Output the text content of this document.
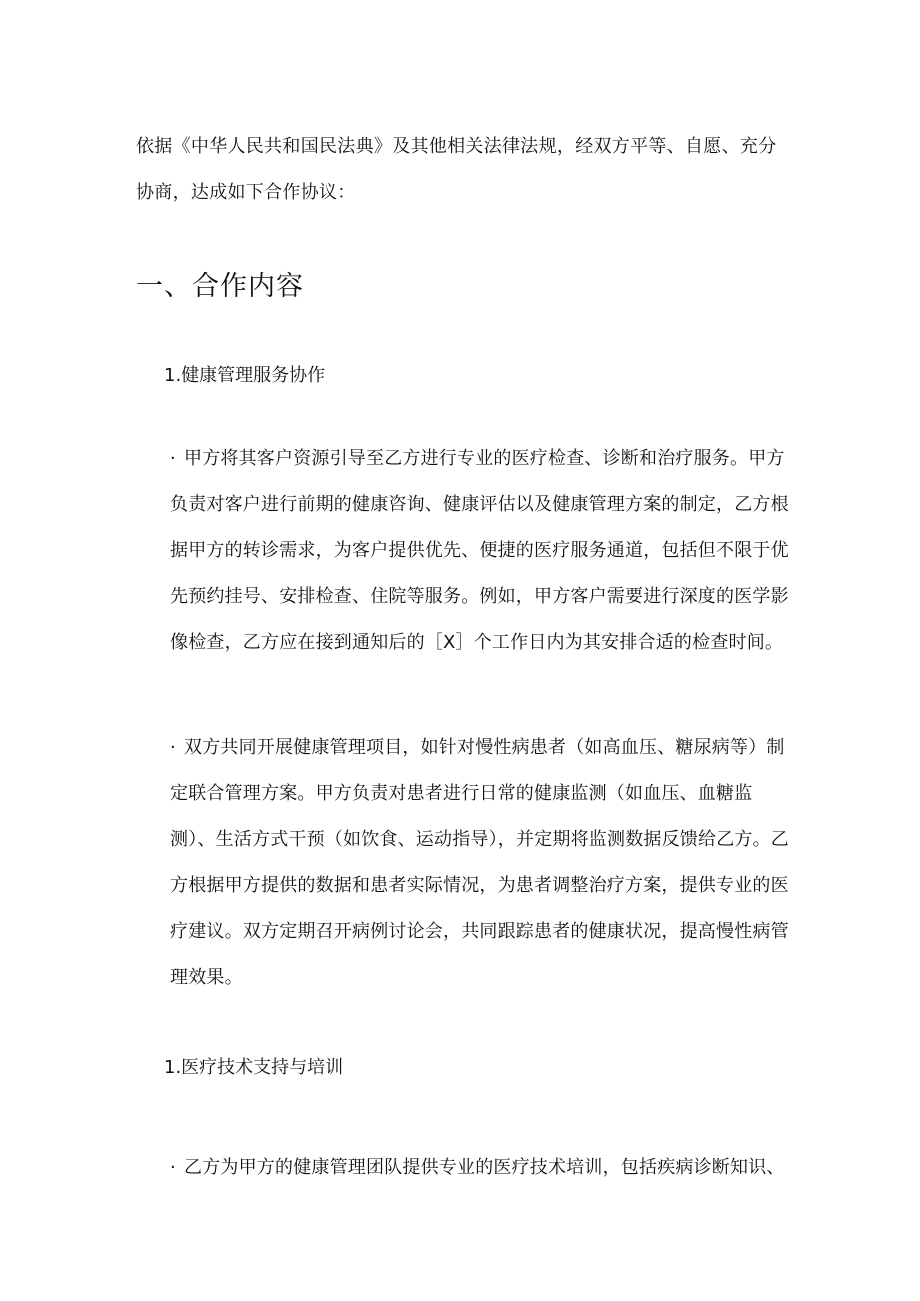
依据《中华人民共和国民法典》及其他相关法律法规，经双方平等、自愿、充分协商，达成如下合作协议：

一、合作内容
1.健康管理服务协作

· 甲方将其客户资源引导至乙方进行专业的医疗检查、诊断和治疗服务。甲方负责对客户进行前期的健康咨询、健康评估以及健康管理方案的制定，乙方根据甲方的转诊需求，为客户提供优先、便捷的医疗服务通道，包括但不限于优先预约挂号、安排检查、住院等服务。例如，甲方客户需要进行深度的医学影像检查，乙方应在接到通知后的［X］个工作日内为其安排合适的检查时间。

· 双方共同开展健康管理项目，如针对慢性病患者（如高血压、糖尿病等）制定联合管理方案。甲方负责对患者进行日常的健康监测（如血压、血糖监测）、生活方式干预（如饮食、运动指导），并定期将监测数据反馈给乙方。乙方根据甲方提供的数据和患者实际情况，为患者调整治疗方案，提供专业的医疗建议。双方定期召开病例讨论会，共同跟踪患者的健康状况，提高慢性病管理效果。

1.医疗技术支持与培训

· 乙方为甲方的健康管理团队提供专业的医疗技术培训，包括疾病诊断知识、
